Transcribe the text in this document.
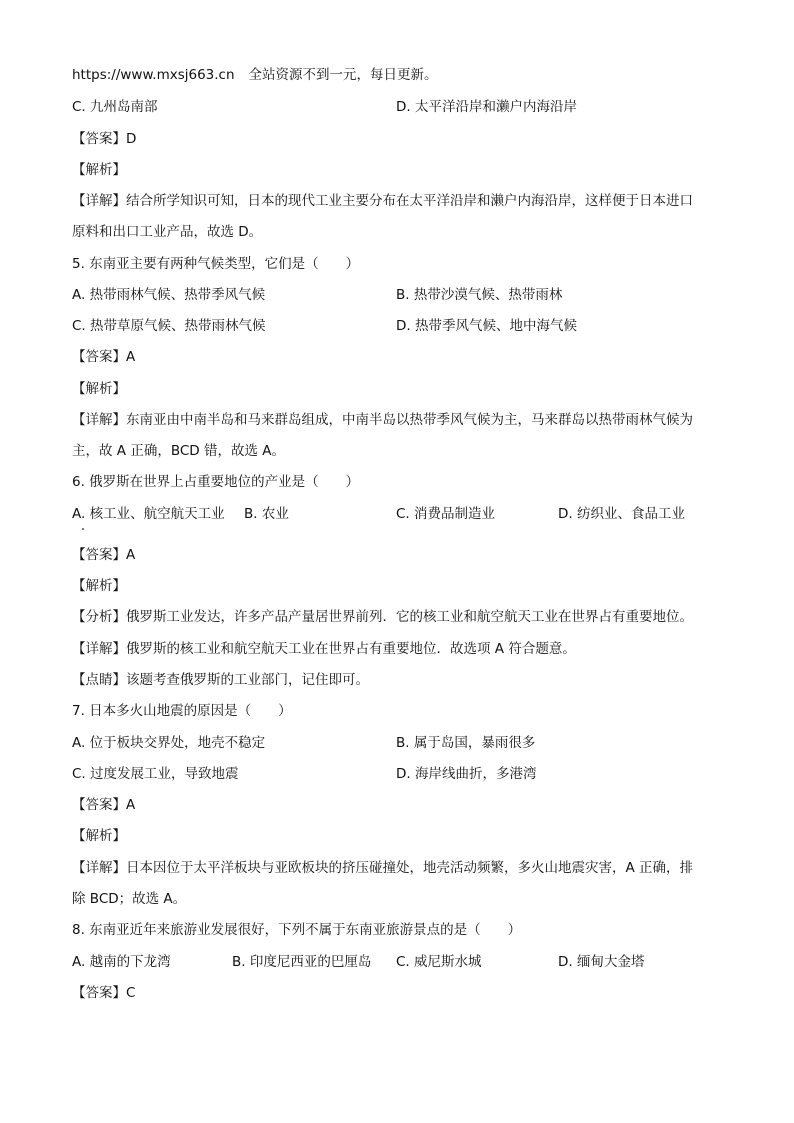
https://www.mxsj663.cn 全站资源不到一元，每日更新。
C. 九州岛南部	D. 太平洋沿岸和濑户内海沿岸
【答案】D
【解析】
【详解】结合所学知识可知，日本的现代工业主要分布在太平洋沿岸和濑户内海沿岸，这样便于日本进口
原料和出口工业产品，故选 D。
5. 东南亚主要有两种气候类型，它们是（　　）
A. 热带雨林气候、热带季风气候	B. 热带沙漠气候、热带雨林
C. 热带草原气候、热带雨林气候	D. 热带季风气候、地中海气候
【答案】A
【解析】
【详解】东南亚由中南半岛和马来群岛组成，中南半岛以热带季风气候为主，马来群岛以热带雨林气候为
主，故 A 正确，BCD 错，故选 A。
6. 俄罗斯在世界上占重要地位的产业是（　　）
A. 核工业、航空航天工业 B. 农业	C. 消费品制造业	D. 纺织业、食品工业
【答案】A
【解析】
【分析】俄罗斯工业发达，许多产品产量居世界前列．它的核工业和航空航天工业在世界占有重要地位。
【详解】俄罗斯的核工业和航空航天工业在世界占有重要地位．故选项 A 符合题意。
【点睛】该题考查俄罗斯的工业部门，记住即可。
7. 日本多火山地震的原因是（　　）
A. 位于板块交界处，地壳不稳定	B. 属于岛国，暴雨很多
C. 过度发展工业，导致地震	D. 海岸线曲折，多港湾
【答案】A
【解析】
【详解】日本因位于太平洋板块与亚欧板块的挤压碰撞处，地壳活动频繁，多火山地震灾害，A 正确，排
除 BCD；故选 A。
8. 东南亚近年来旅游业发展很好，下列不属于东南亚旅游景点的是（　　）
A. 越南的下龙湾	B. 印度尼西亚的巴厘岛 C. 威尼斯水城	D. 缅甸大金塔
【答案】C
